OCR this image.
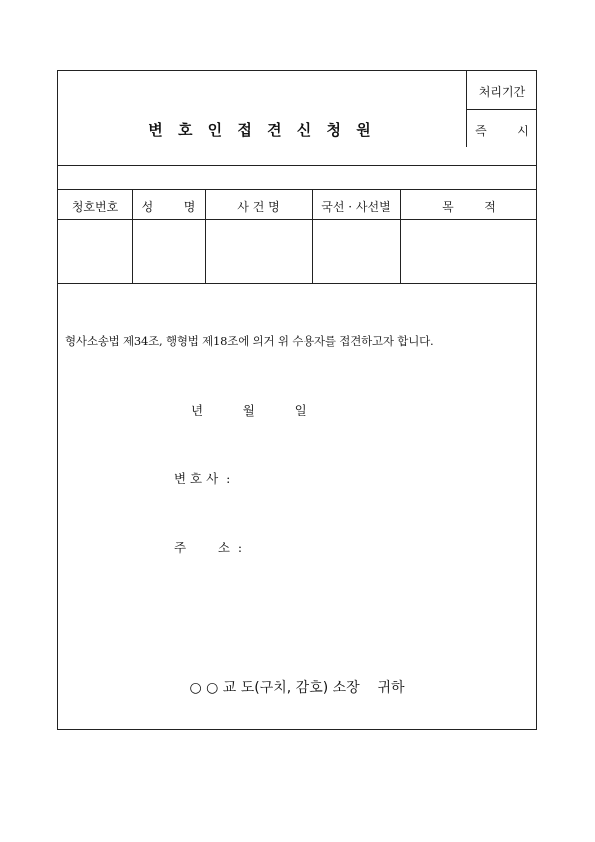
변 호 인 접 견 신 청 원
처리기간
즉        시
청호번호	성        명	사 건 명	국선 · 사선별	목        적
형사소송법 제34조, 행형법 제18조에 의거 위 수용자를 접견하고자 합니다.
년          월          일
변 호 사  :
주        소  :
○ ○ 교 도(구치, 감호) 소장    귀하
